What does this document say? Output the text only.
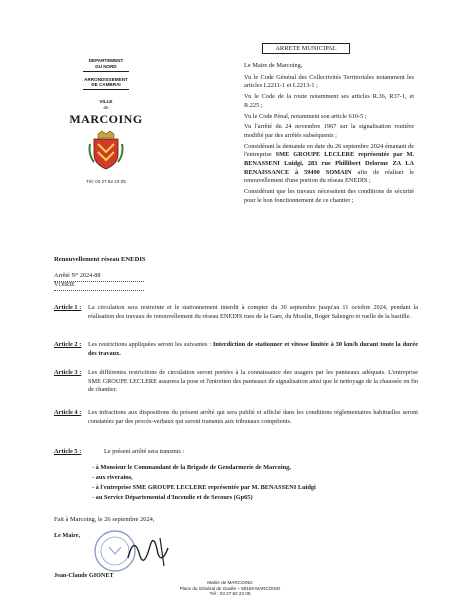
ARRETE MUNICIPAL
DEPARTEMENT
DU NORD
ARRONDISSEMENT
DE CAMBRAI
VILLE
de
MARCOING
Tél: 03 27 82 23 05
Le Maire de Marcoing,
Vu le Code Général des Collectivités Territoriales notamment les articles L2211-1 et L2213-1 ;
Vu le Code de la route notamment ses articles R.36, R37-1, et R.225 ;
Vu le Code Pénal, notamment son article 610-5 ;
Vu l'arrêté du 24 novembre 1967 sur la signalisation routière modifié par des arrêtés subséquents ;
Considérant la demande en date du 26 septembre 2024 émanant de l'entreprise SME GROUPE LECLERE représentée par M. BENASSENI Luidgi, 283 rue Phillibert Delorme ZA LA RENAISSANCE à 59490 SOMAIN afin de réaliser le renouvellement d'une portion du réseau ENEDIS ;
Considérant que les travaux nécessitent des conditions de sécurité pour le bon fonctionnement de ce chantier ;
Renouvellement réseau ENEDIS
Arrêté N° 2024-88
VOIRIE
Article 1 :	La circulation sera restreinte et le stationnement interdit à compter du 30 septembre jusqu'au 11 octobre 2024, pendant la réalisation des travaux de renouvellement du réseau ENEDIS rues de la Gare, du Moulin, Roger Salengro et ruelle de la bastille.
Article 2 :	Les restrictions appliquées seront les suivantes : Interdiction de stationner et vitesse limitée à 30 km/h durant toute la durée des travaux.
Article 3 :	Les différentes restrictions de circulation seront portées à la connaissance des usagers par les panneaux adéquats. L'entreprise SME GROUPE LECLERE assurera la pose et l'entretien des panneaux de signalisation ainsi que le nettoyage de la chaussée en fin de chantier.
Article 4 :	Les infractions aux dispositions du présent arrêté qui sera publié et affiché dans les conditions réglementaires habituelles seront constatées par des procès-verbaux qui seront transmis aux tribunaux compétents.
Article 5 :	Le présent arrêté sera transmis :
- à Monsieur le Commandant de la Brigade de Gendarmerie de Marcoing,
- aux riverains,
- à l'entreprise SME GROUPE LECLERE représentée par M. BENASSENI Luidgi
- au Service Départemental d'Incendie et de Secours (Gp65)
Fait à Marcoing, le 26 septembre 2024,
Le Maire,
Jean-Claude GIONET
Mairie de MARCOING
Place du Général de Gaulle – 59159 MARCOING
Tél : 03 27 82 23 05
